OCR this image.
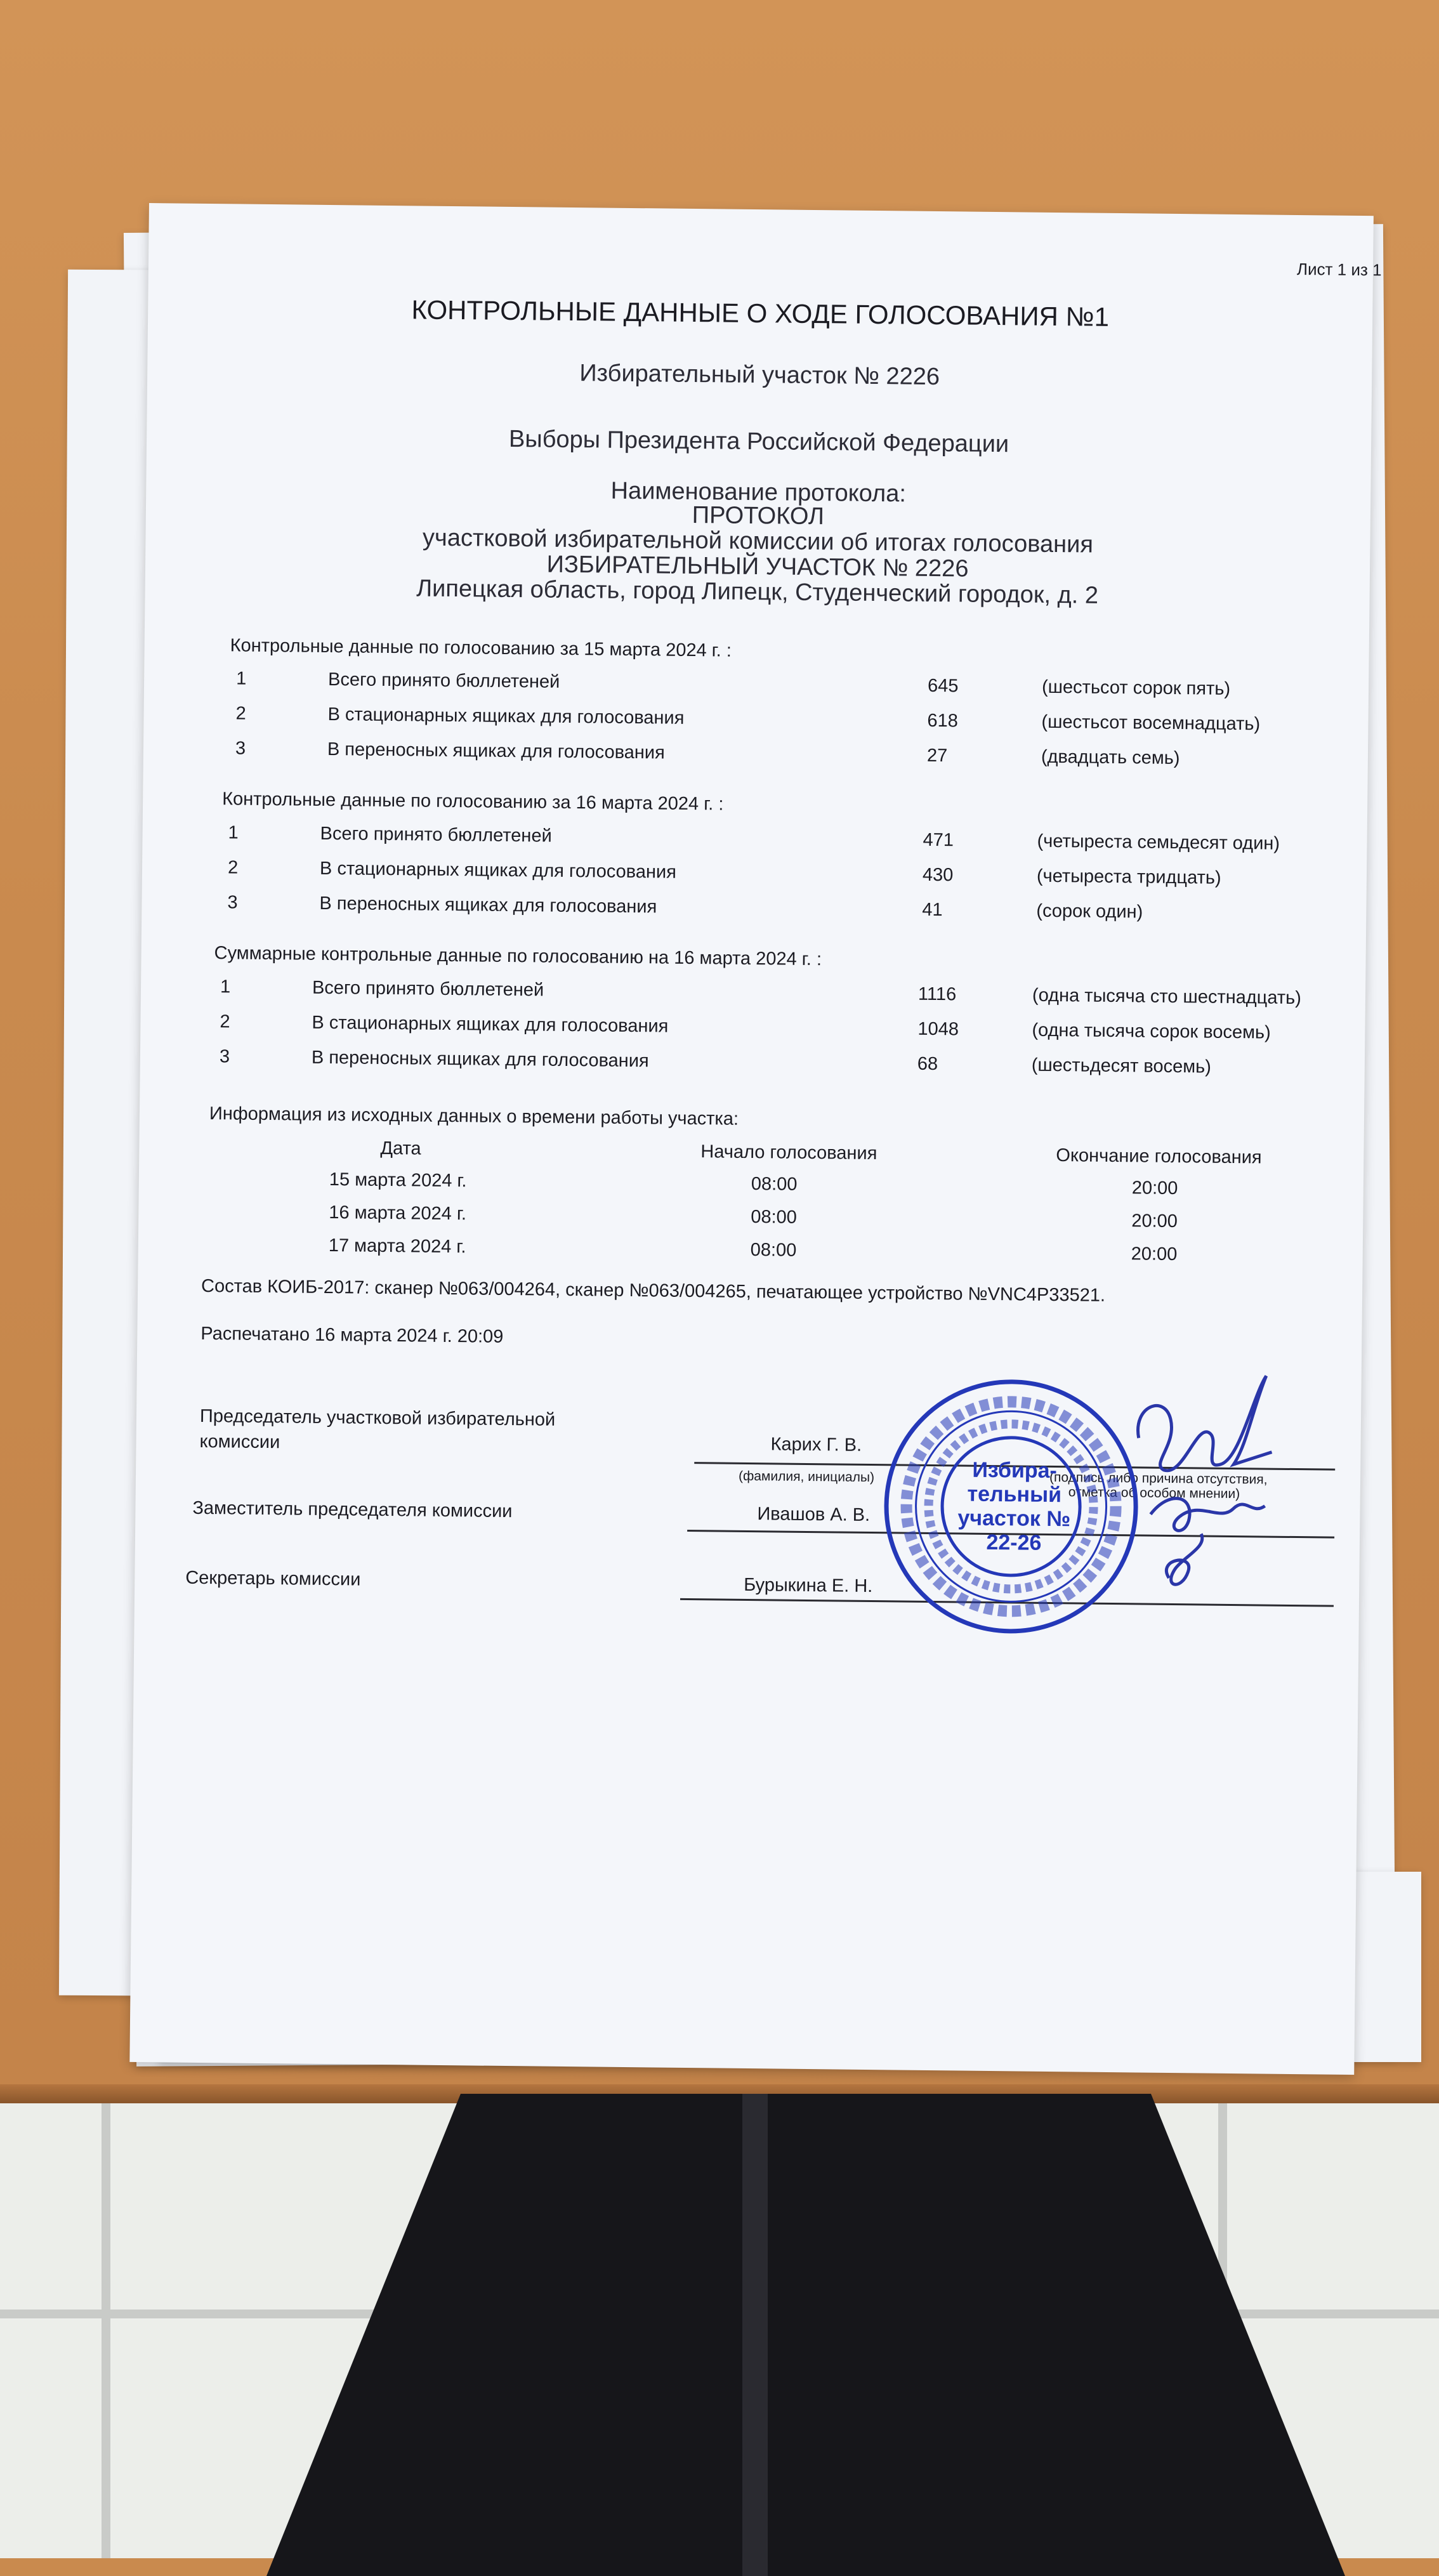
Лист 1 из 1
КОНТРОЛЬНЫЕ ДАННЫЕ О ХОДЕ ГОЛОСОВАНИЯ №1
Избирательный участок № 2226
Выборы Президента Российской Федерации
Наименование протокола:
ПРОТОКОЛ
участковой избирательной комиссии об итогах голосования
ИЗБИРАТЕЛЬНЫЙ УЧАСТОК № 2226
Липецкая область, город Липецк, Студенческий городок, д. 2
Контрольные данные по голосованию за 15 марта 2024 г. :
1	Всего принято бюллетеней	645	(шестьсот сорок пять)
2	В стационарных ящиках для голосования	618	(шестьсот восемнадцать)
3	В переносных ящиках для голосования	27	(двадцать семь)
Контрольные данные по голосованию за 16 марта 2024 г. :
1	Всего принято бюллетеней	471	(четыреста семьдесят один)
2	В стационарных ящиках для голосования	430	(четыреста тридцать)
3	В переносных ящиках для голосования	41	(сорок один)
Суммарные контрольные данные по голосованию на 16 марта 2024 г. :
1	Всего принято бюллетеней	1116	(одна тысяча сто шестнадцать)
2	В стационарных ящиках для голосования	1048	(одна тысяча сорок восемь)
3	В переносных ящиках для голосования	68	(шестьдесят восемь)
Информация из исходных данных о времени работы участка:
Дата	Начало голосования	Окончание голосования
15 марта 2024 г.	08:00	20:00
16 марта 2024 г.	08:00	20:00
17 марта 2024 г.	08:00	20:00
Состав КОИБ-2017: сканер №063/004264, сканер №063/004265, печатающее устройство №VNC4P33521.
Распечатано 16 марта 2024 г. 20:09
Председатель участковой избирательной
комиссии	Карих Г. В.
(фамилия, инициалы)	(подпись либо причина отсутствия,
отметка об особом мнении)
Заместитель председателя комиссии	Ивашов А. В.
Секретарь комиссии	Бурыкина Е. Н.
Избира-тельный участок № 22-26
